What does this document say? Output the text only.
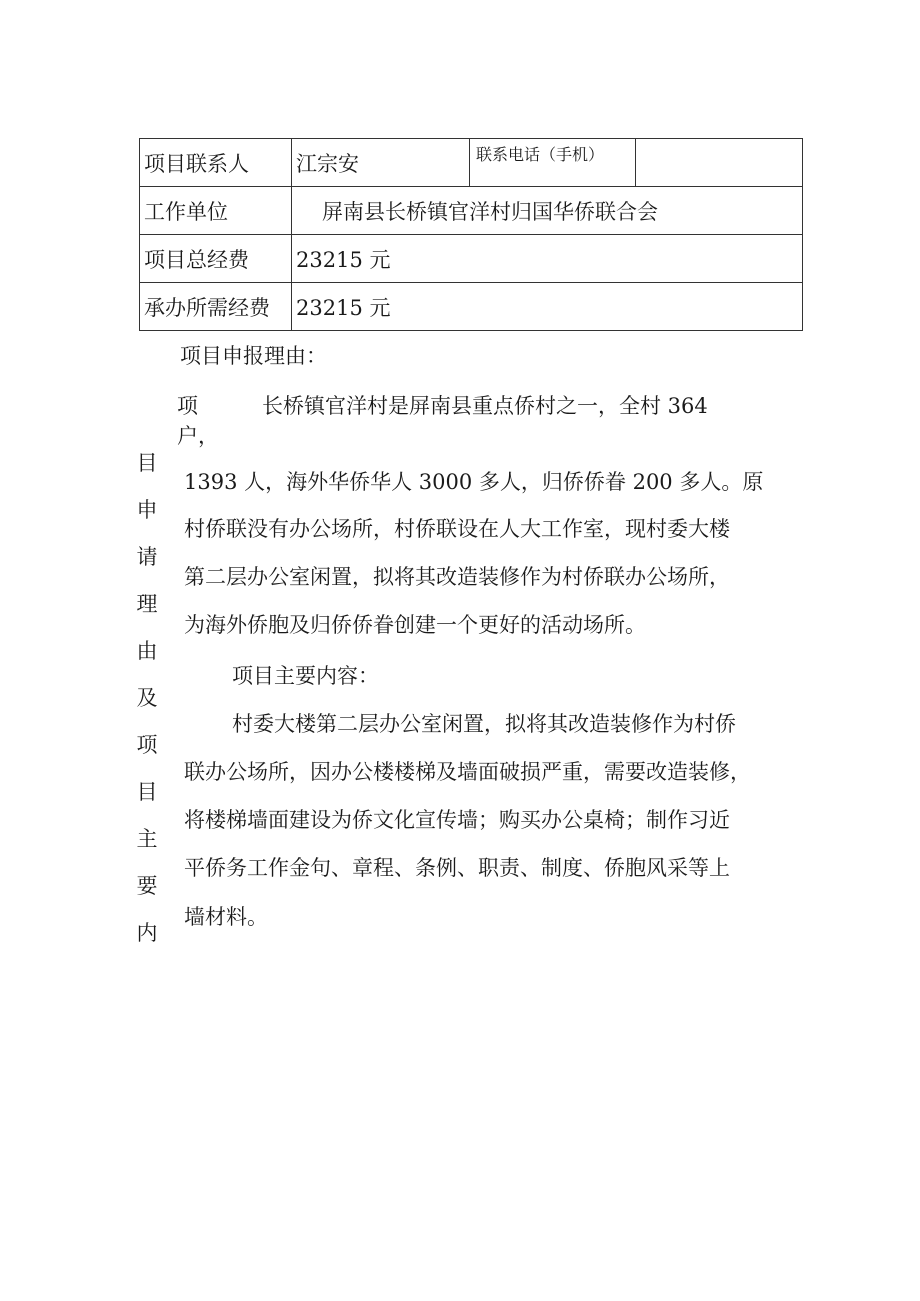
项目联系人	江宗安	联系电话（手机）	
工作单位	屏南县长桥镇官洋村归国华侨联合会		
项目总经费	23215 元		
承办所需经费	23215 元		
项目申报理由：
项	长桥镇官洋村是屏南县重点侨村之一，全村 364
户，
1393 人，海外华侨华人 3000 多人，归侨侨眷 200 多人。原
村侨联没有办公场所，村侨联设在人大工作室，现村委大楼
第二层办公室闲置，拟将其改造装修作为村侨联办公场所，
为海外侨胞及归侨侨眷创建一个更好的活动场所。
项目主要内容：
村委大楼第二层办公室闲置，拟将其改造装修作为村侨
联办公场所，因办公楼楼梯及墙面破损严重，需要改造装修，
将楼梯墙面建设为侨文化宣传墙；购买办公桌椅；制作习近
平侨务工作金句、章程、条例、职责、制度、侨胞风采等上
墙材料。
目
申
请
理
由
及
项
目
主
要
内
